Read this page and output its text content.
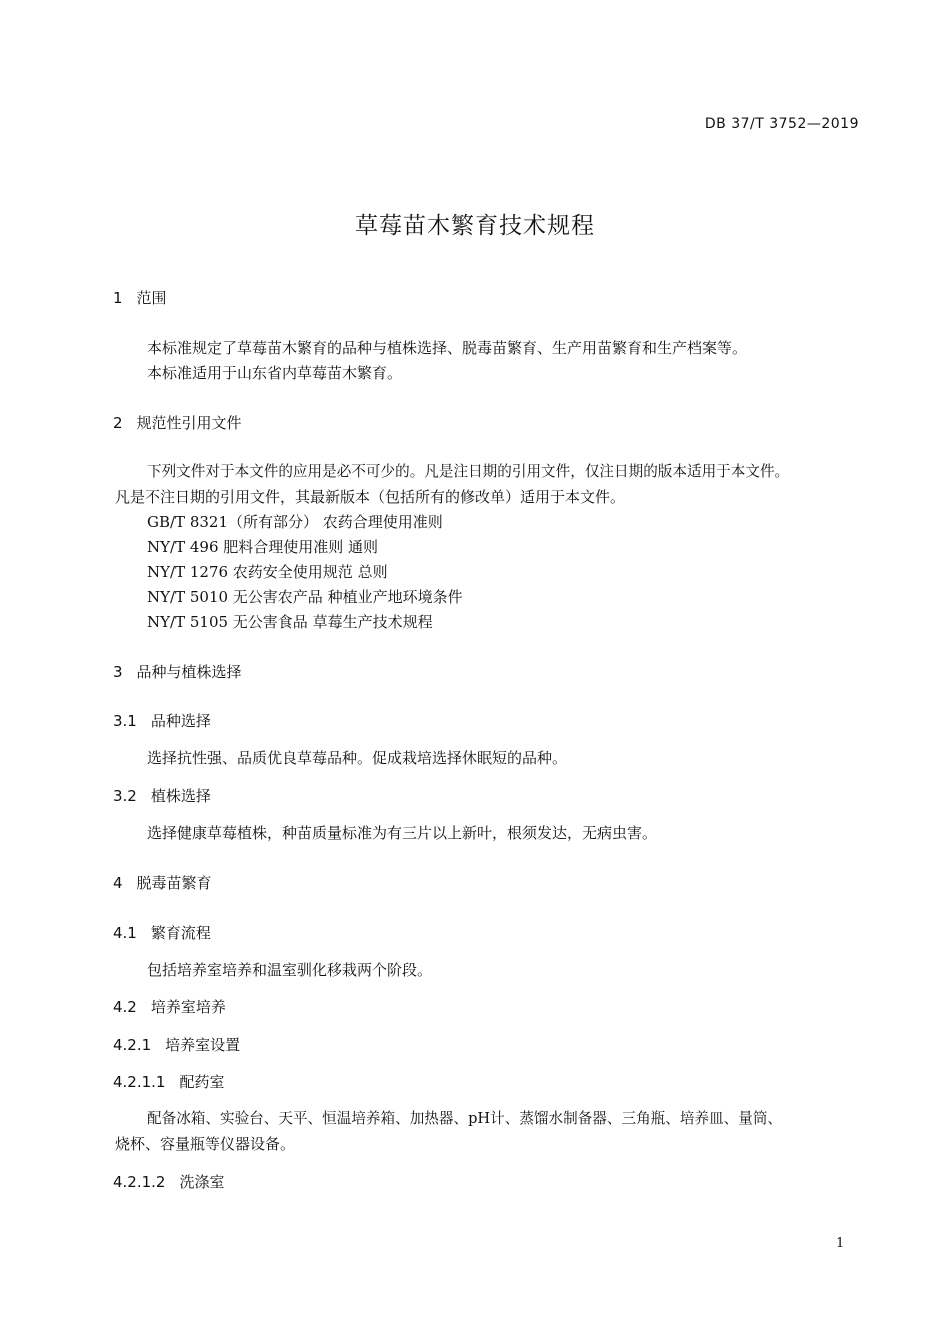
DB 37/T 3752—2019
草莓苗木繁育技术规程
1 范围

本标准规定了草莓苗木繁育的品种与植株选择、脱毒苗繁育、生产用苗繁育和生产档案等。

本标准适用于山东省内草莓苗木繁育。

2 规范性引用文件

下列文件对于本文件的应用是必不可少的。凡是注日期的引用文件，仅注日期的版本适用于本文件。

凡是不注日期的引用文件，其最新版本（包括所有的修改单）适用于本文件。

GB/T 8321（所有部分） 农药合理使用准则

NY/T 496 肥料合理使用准则 通则

NY/T 1276 农药安全使用规范 总则

NY/T 5010 无公害农产品 种植业产地环境条件

NY/T 5105 无公害食品 草莓生产技术规程

3 品种与植株选择
3.1 品种选择

选择抗性强、品质优良草莓品种。促成栽培选择休眠短的品种。

3.2 植株选择

选择健康草莓植株，种苗质量标准为有三片以上新叶，根须发达，无病虫害。

4 脱毒苗繁育
4.1 繁育流程

包括培养室培养和温室驯化移栽两个阶段。

4.2 培养室培养
4.2.1 培养室设置
4.2.1.1 配药室

配备冰箱、实验台、天平、恒温培养箱、加热器、pH计、蒸馏水制备器、三角瓶、培养皿、量筒、

烧杯、容量瓶等仪器设备。

4.2.1.2 洗涤室
1
